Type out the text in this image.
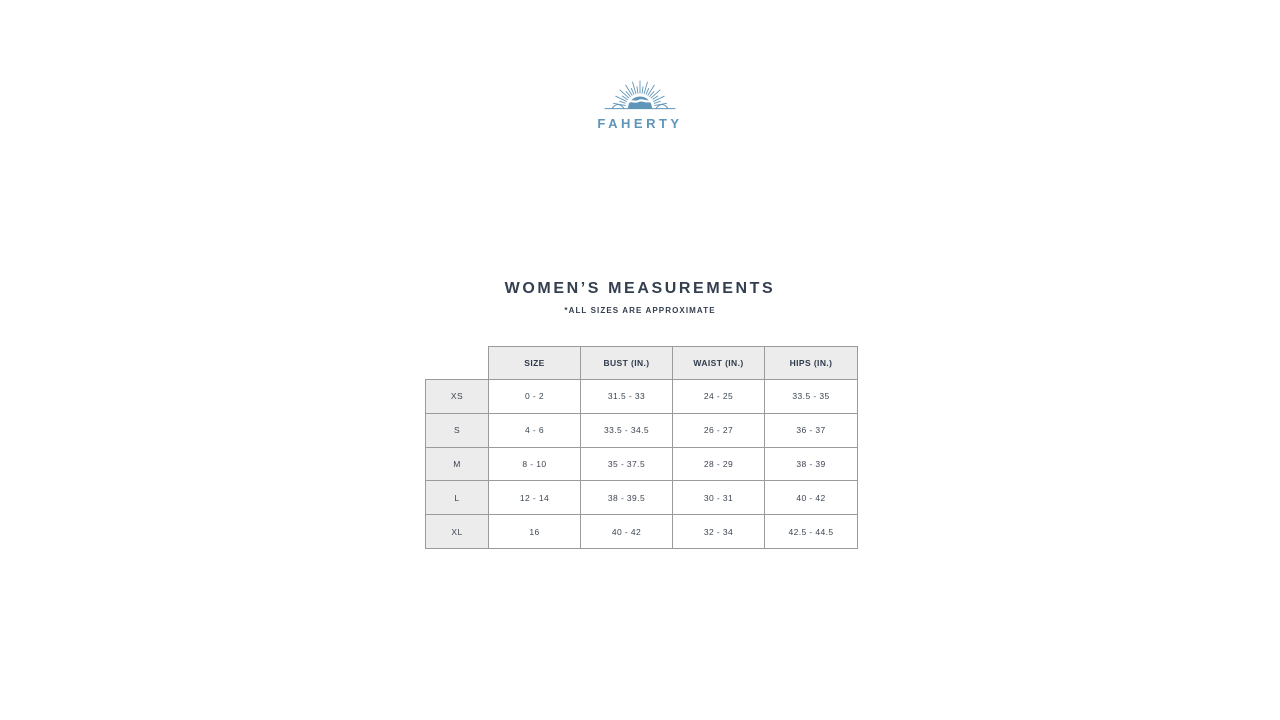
FAHERTY
WOMEN’S MEASUREMENTS
*ALL SIZES ARE APPROXIMATE
	SIZE	BUST (IN.)	WAIST (IN.)	HIPS (IN.)
XS	0 - 2	31.5 - 33	24 - 25	33.5 - 35
S	4 - 6	33.5 - 34.5	26 - 27	36 - 37
M	8 - 10	35 - 37.5	28 - 29	38 - 39
L	12 - 14	38 - 39.5	30 - 31	40 - 42
XL	16	40 - 42	32 - 34	42.5 - 44.5
